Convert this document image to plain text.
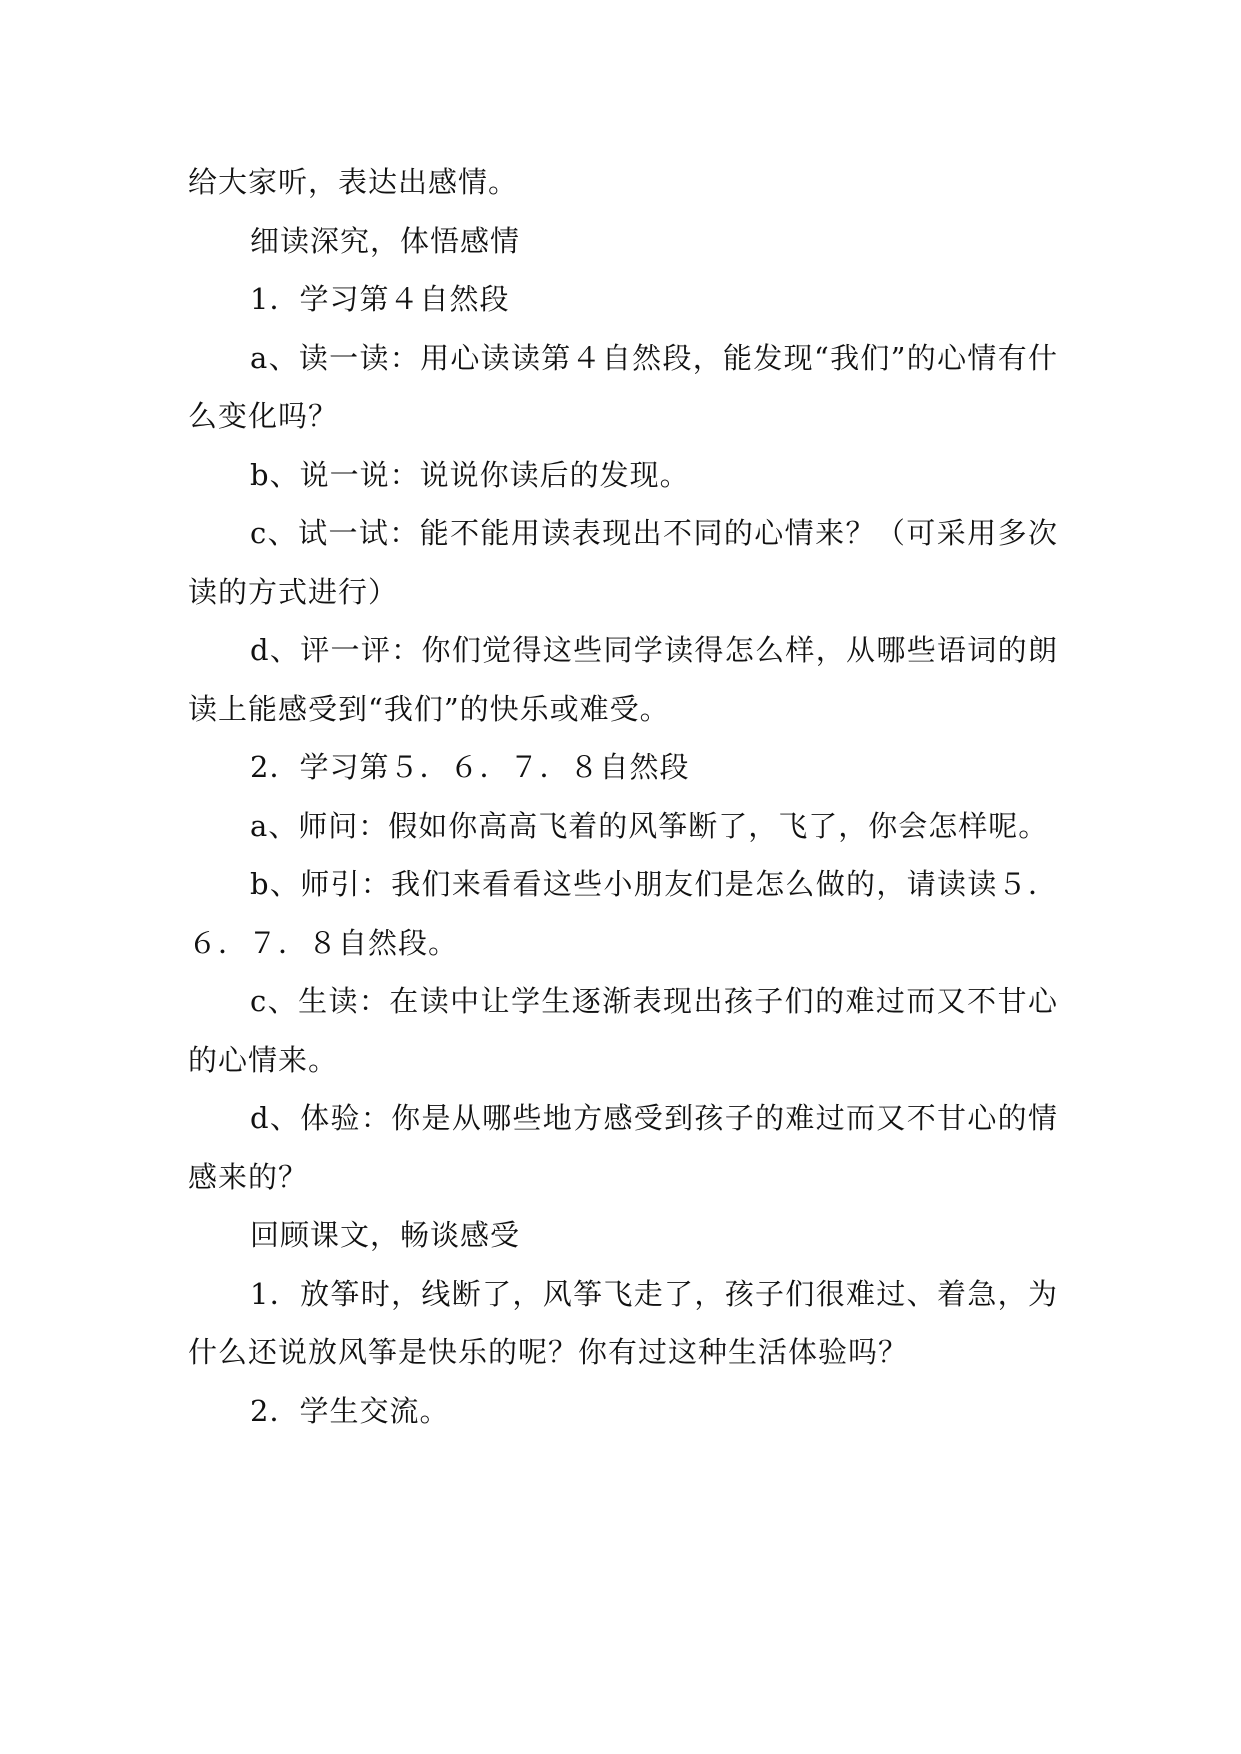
给大家听，表达出感情。

细读深究，体悟感情

1．学习第４自然段

a、读一读：用心读读第４自然段，能发现“我们”的心情有什么变化吗？

b、说一说：说说你读后的发现。

c、试一试：能不能用读表现出不同的心情来？（可采用多次读的方式进行）

d、评一评：你们觉得这些同学读得怎么样，从哪些语词的朗读上能感受到“我们”的快乐或难受。

2．学习第５．６．７．８自然段

a、师问：假如你高高飞着的风筝断了，飞了，你会怎样呢。

b、师引：我们来看看这些小朋友们是怎么做的，请读读５．６．７．８自然段。

c、生读：在读中让学生逐渐表现出孩子们的难过而又不甘心的心情来。

d、体验：你是从哪些地方感受到孩子的难过而又不甘心的情感来的？

回顾课文，畅谈感受

1．放筝时，线断了，风筝飞走了，孩子们很难过、着急，为什么还说放风筝是快乐的呢？你有过这种生活体验吗？

2．学生交流。
